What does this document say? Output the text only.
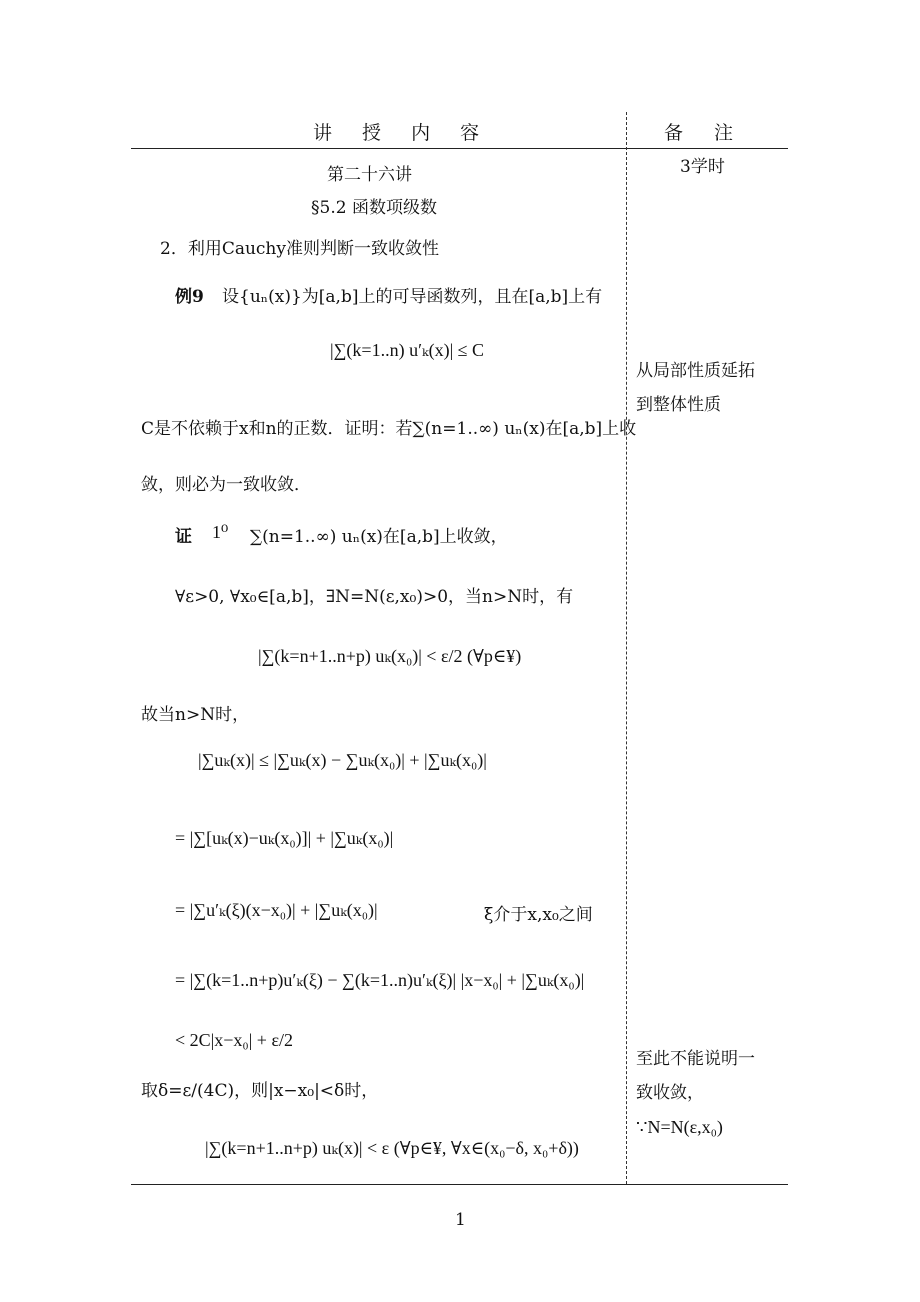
讲 授 内 容	备　注
第二十六讲	3学时
§5.2 函数项级数
2．利用Cauchy准则判断一致收敛性
例9 设{uₙ(x)}为[a,b]上的可导函数列，且在[a,b]上有
|∑(k=1..n) u′ₖ(x)| ≤ C
C是不依赖于x和n的正数．证明：若∑(n=1..∞) uₙ(x)在[a,b]上收
敛，则必为一致收敛．
证 1⁰ ∑(n=1..∞) uₙ(x)在[a,b]上收敛，
∀ε>0, ∀x₀∈[a,b]，∃N=N(ε,x₀)>0，当n>N时，有
|∑(k=n+1..n+p) uₖ(x₀)| < ε/2 (∀p∈¥)
故当n>N时，
|∑uₖ(x)| ≤ |∑uₖ(x) − ∑uₖ(x₀)| + |∑uₖ(x₀)|
= |∑[uₖ(x)−uₖ(x₀)]| + |∑uₖ(x₀)|
= |∑u′ₖ(ξ)(x−x₀)| + |∑uₖ(x₀)|	ξ介于x,x₀之间
= |∑(k=1..n+p)u′ₖ(ξ) − ∑(k=1..n)u′ₖ(ξ)| |x−x₀| + |∑uₖ(x₀)|
< 2C|x−x₀| + ε/2
取δ=ε/(4C)，则|x−x₀|<δ时，
|∑(k=n+1..n+p) uₖ(x)| < ε (∀p∈¥, ∀x∈(x₀−δ, x₀+δ))
从局部性质延拓
到整体性质
至此不能说明一
致收敛，
∵N=N(ε,x₀)
1
